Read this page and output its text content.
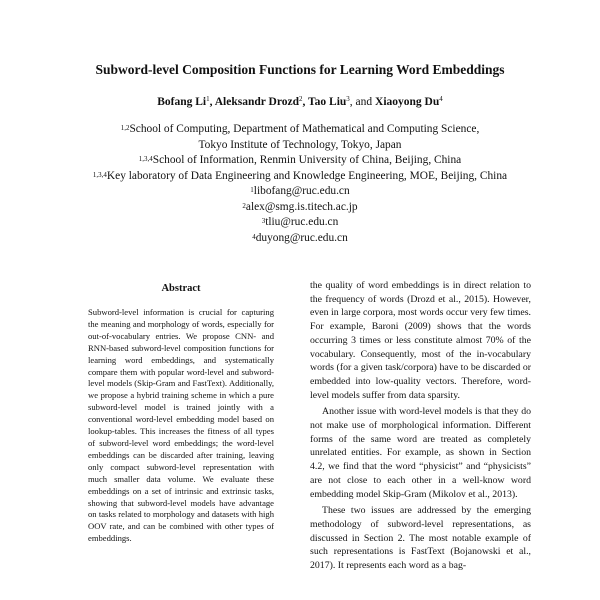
Subword-level Composition Functions for Learning Word Embeddings
Bofang Li$^1$, Aleksandr Drozd$^2$, Tao Liu$^3$, and Xiaoyong Du$^4$
$^{1,2}$School of Computing, Department of Mathematical and Computing Science,
Tokyo Institute of Technology, Tokyo, Japan
$^{1,3,4}$School of Information, Renmin University of China, Beijing, China
$^{1,3,4}$Key laboratory of Data Engineering and Knowledge Engineering, MOE, Beijing, China
$^1$libofang@ruc.edu.cn
$^2$alex@smg.is.titech.ac.jp
$^3$tliu@ruc.edu.cn
$^4$duyong@ruc.edu.cn
Abstract
Subword-level information is crucial for capturing the meaning and morphology of words, especially for out-of-vocabulary entries. We propose CNN- and RNN-based subword-level composition functions for learning word embeddings, and systematically compare them with popular word-level and subword-level models (Skip-Gram and FastText). Additionally, we propose a hybrid training scheme in which a pure subword-level model is trained jointly with a conventional word-level embedding model based on lookup-tables. This increases the fitness of all types of subword-level word embeddings; the word-level embeddings can be discarded after training, leaving only compact subword-level representation with much smaller data volume. We evaluate these embeddings on a set of intrinsic and extrinsic tasks, showing that subword-level models have advantage on tasks related to morphology and datasets with high OOV rate, and can be combined with other types of embeddings.

the quality of word embeddings is in direct relation to the frequency of words (Drozd et al., 2015). However, even in large corpora, most words occur very few times. For example, Baroni (2009) shows that the words occurring 3 times or less constitute almost 70% of the vocabulary. Consequently, most of the in-vocabulary words (for a given task/corpora) have to be discarded or embedded into low-quality vectors. Therefore, word-level models suffer from data sparsity.

Another issue with word-level models is that they do not make use of morphological information. Different forms of the same word are treated as completely unrelated entities. For example, as shown in Section 4.2, we find that the word “physicist” and “physicists” are not close to each other in a well-know word embedding model Skip-Gram (Mikolov et al., 2013).

These two issues are addressed by the emerging methodology of subword-level representations, as discussed in Section 2. The most notable example of such representations is FastText (Bojanowski et al., 2017). It represents each word as a bag-
